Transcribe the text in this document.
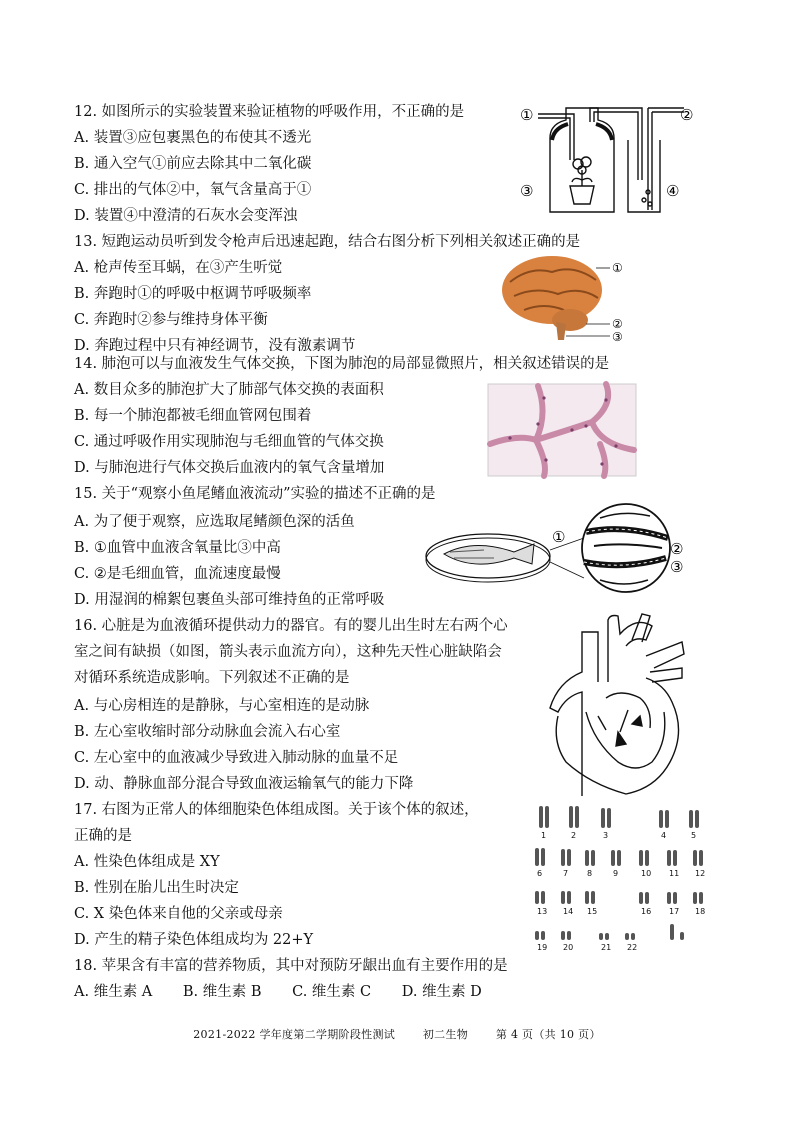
12. 如图所示的实验装置来验证植物的呼吸作用，不正确的是
A. 装置③应包裹黑色的布使其不透光
B. 通入空气①前应去除其中二氧化碳
C. 排出的气体②中，氧气含量高于①
D. 装置④中澄清的石灰水会变浑浊
①	②
③	④
13. 短跑运动员听到发令枪声后迅速起跑，结合右图分析下列相关叙述正确的是
A. 枪声传至耳蜗，在③产生听觉
B. 奔跑时①的呼吸中枢调节呼吸频率
C. 奔跑时②参与维持身体平衡
D. 奔跑过程中只有神经调节，没有激素调节
①
②
③
14. 肺泡可以与血液发生气体交换，下图为肺泡的局部显微照片，相关叙述错误的是
A. 数目众多的肺泡扩大了肺部气体交换的表面积
B. 每一个肺泡都被毛细血管网包围着
C. 通过呼吸作用实现肺泡与毛细血管的气体交换
D. 与肺泡进行气体交换后血液内的氧气含量增加
15. 关于“观察小鱼尾鳍血液流动”实验的描述不正确的是
A. 为了便于观察，应选取尾鳍颜色深的活鱼
B. ①血管中血液含氧量比③中高
C. ②是毛细血管，血流速度最慢
D. 用湿润的棉絮包裹鱼头部可维持鱼的正常呼吸
①
②
③
16. 心脏是为血液循环提供动力的器官。有的婴儿出生时左右两个心
室之间有缺损（如图，箭头表示血流方向），这种先天性心脏缺陷会
对循环系统造成影响。下列叙述不正确的是
A. 与心房相连的是静脉，与心室相连的是动脉
B. 左心室收缩时部分动脉血会流入右心室
C. 左心室中的血液减少导致进入肺动脉的血量不足
D. 动、静脉血部分混合导致血液运输氧气的能力下降
17. 右图为正常人的体细胞染色体组成图。关于该个体的叙述，
正确的是
A. 性染色体组成是 XY
B. 性别在胎儿出生时决定
C. X 染色体来自他的父亲或母亲
D. 产生的精子染色体组成均为 22+Y
1	2	3	4	5
6	7 8	9	10 11 12
13 14 15	16 17 18
19 20	21 22
18. 苹果含有丰富的营养物质，其中对预防牙龈出血有主要作用的是
A. 维生素 A B. 维生素 B C. 维生素 C D. 维生素 D
2021-2022 学年度第二学期阶段性测试	初二生物	第 4 页（共 10 页）
